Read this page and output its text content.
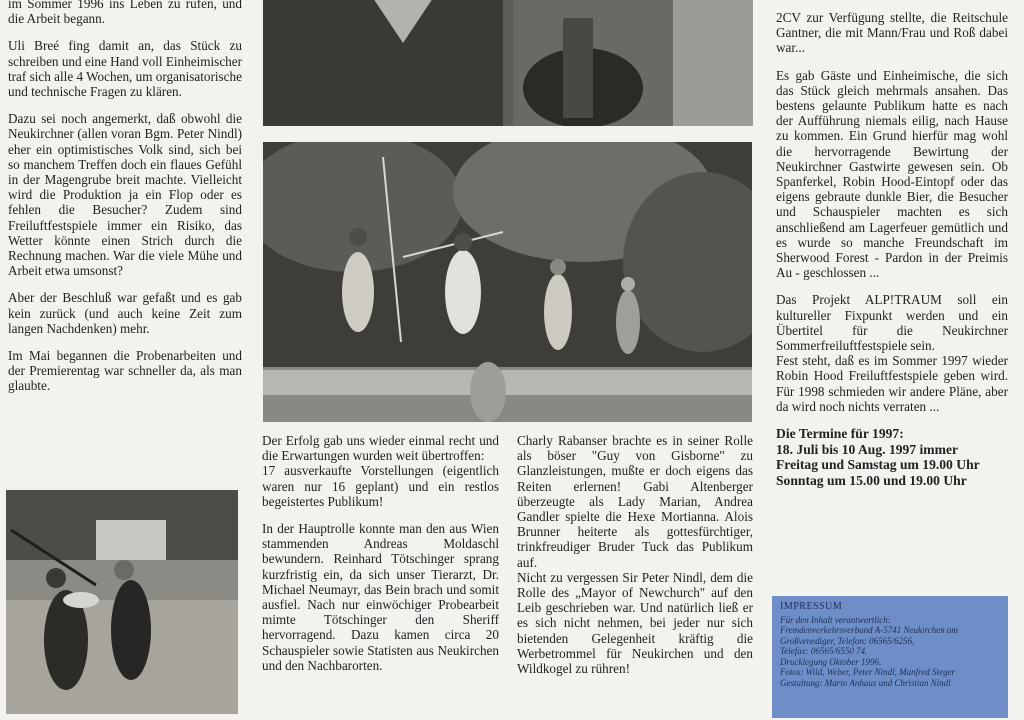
im Sommer 1996 ins Leben zu rufen, und die Arbeit begann.

Uli Breé fing damit an, das Stück zu schreiben und eine Hand voll Einheimischer traf sich alle 4 Wochen, um organisatorische und technische Fragen zu klären.

Dazu sei noch angemerkt, daß obwohl die Neukirchner (allen voran Bgm. Peter Nindl) eher ein optimistisches Volk sind, sich bei so manchem Treffen doch ein flaues Gefühl in der Magengrube breit machte. Vielleicht wird die Produktion ja ein Flop oder es fehlen die Besucher? Zudem sind Freiluftfestspiele immer ein Risiko, das Wetter könnte einen Strich durch die Rechnung machen. War die viele Mühe und Arbeit etwa umsonst?

Aber der Beschluß war gefaßt und es gab kein zurück (und auch keine Zeit zum langen Nachdenken) mehr.

Im Mai begannen die Probenarbeiten und der Premierentag war schneller da, als man glaubte.

Der Erfolg gab uns wieder einmal recht und die Erwartungen wurden weit übertroffen:

17 ausverkaufte Vorstellungen (eigentlich waren nur 16 geplant) und ein restlos begeistertes Publikum!

In der Hauptrolle konnte man den aus Wien stammenden Andreas Moldaschl bewundern. Reinhard Tötschinger sprang kurzfristig ein, da sich unser Tierarzt, Dr. Michael Neumayr, das Bein brach und somit ausfiel. Nach nur einwöchiger Probearbeit mimte Tötschinger den Sheriff hervorragend. Dazu kamen circa 20 Schauspieler sowie Statisten aus Neukirchen und den Nachbarorten.

Charly Rabanser brachte es in seiner Rolle als böser "Guy von Gisborne" zu Glanzleistungen, mußte er doch eigens das Reiten erlernen! Gabi Altenberger überzeugte als Lady Marian, Andrea Gandler spielte die Hexe Mortianna. Alois Brunner heiterte als gottesfürchtiger, trinkfreudiger Bruder Tuck das Publikum auf.

Nicht zu vergessen Sir Peter Nindl, dem die Rolle des „Mayor of Newchurch" auf den Leib geschrieben war. Und natürlich ließ er es sich nicht nehmen, bei jeder nur sich bietenden Gelegenheit kräftig die Werbetrommel für Neukirchen und den Wildkogel zu rühren!

2CV zur Verfügung stellte, die Reitschule Gantner, die mit Mann/Frau und Roß dabei war...

Es gab Gäste und Einheimische, die sich das Stück gleich mehrmals ansahen. Das bestens gelaunte Publikum hatte es nach der Aufführung niemals eilig, nach Hause zu kommen. Ein Grund hierfür mag wohl die hervorragende Bewirtung der Neukirchner Gastwirte gewesen sein. Ob Spanferkel, Robin Hood-Eintopf oder das eigens gebraute dunkle Bier, die Besucher und Schauspieler machten es sich anschließend am Lagerfeuer gemütlich und es wurde so manche Freundschaft im Sherwood Forest - Pardon in der Preimis Au - geschlossen ...

Das Projekt ALP!TRAUM soll ein kultureller Fixpunkt werden und ein Übertitel für die Neukirchner Sommerfreiluftfestspiele sein.

Fest steht, daß es im Sommer 1997 wieder Robin Hood Freiluftfestspiele geben wird. Für 1998 schmieden wir andere Pläne, aber da wird noch nichts verraten ...

Die Termine für 1997:
18. Juli bis 10 Aug. 1997 immer
Freitag und Samstag um 19.00 Uhr
Sonntag um 15.00 und 19.00 Uhr
IMPRESSUM
Für den Inhalt verantwortlich:
Fremdenverkehrsverband A-5741 Neukirchen am
Großvenediger, Telefon: 06565/6256,
Telefax: 06565/6550 74.
Drucklegung Oktober 1996.
Fotos: Wild, Weber, Peter Nindl, Manfred Steger
Gestaltung: Mario Anhaus und Christian Nindl
